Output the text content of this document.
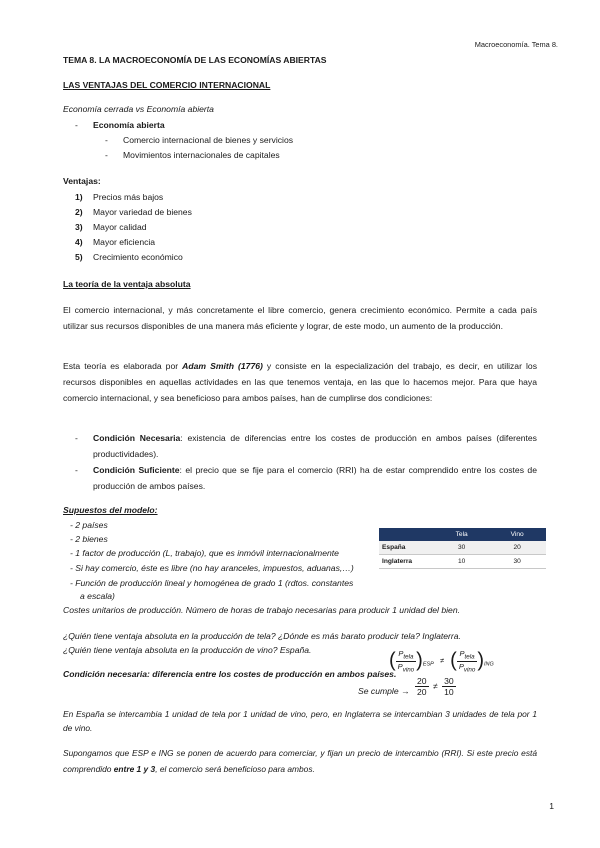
Macroeconomía. Tema 8.
TEMA 8. LA MACROECONOMÍA DE LAS ECONOMÍAS ABIERTAS
LAS VENTAJAS DEL COMERCIO INTERNACIONAL
Economía cerrada vs Economía abierta
- Economía abierta
- Comercio internacional de bienes y servicios
- Movimientos internacionales de capitales
Ventajas:
1)	Precios más bajos
2)	Mayor variedad de bienes
3)	Mayor calidad
4)	Mayor eficiencia
5)	Crecimiento económico
La teoría de la ventaja absoluta
El comercio internacional, y más concretamente el libre comercio, genera crecimiento económico. Permite a cada país utilizar sus recursos disponibles de una manera más eficiente y lograr, de este modo, un aumento de la producción.
Esta teoría es elaborada por Adam Smith (1776) y consiste en la especialización del trabajo, es decir, en utilizar los recursos disponibles en aquellas actividades en las que tenemos ventaja, en las que lo hacemos mejor. Para que haya comercio internacional, y sea beneficioso para ambos países, han de cumplirse dos condiciones:
- Condición Necesaria: existencia de diferencias entre los costes de producción en ambos países (diferentes productividades).
- Condición Suficiente: el precio que se fije para el comercio (RRI) ha de estar comprendido entre los costes de producción de ambos países.
Supuestos del modelo:
- 2 países
- 2 bienes
- 1 factor de producción (L, trabajo), que es inmóvil internacionalmente
- Si hay comercio, éste es libre (no hay aranceles, impuestos, aduanas,…)
- Función de producción lineal y homogénea de grado 1 (rdtos. constantes
a escala)
	Tela	Vino
España	30	20
Inglaterra	10	30
Costes unitarios de producción. Número de horas de trabajo necesarias para producir 1 unidad del bien.
¿Quién tiene ventaja absoluta en la producción de tela? ¿Dónde es más barato producir tela? Inglaterra.
¿Quién tiene ventaja absoluta en la producción de vino? España.
Condición necesaria: diferencia entre los costes de producción en ambos países.
( $\frac{P_{tela}}{P_{vino}} )_{ESP}$ ≠ ( $\frac{P_{tela}}{P_{vino}} )_{ING}$
Se cumple → $\frac{20}{20} \ne \frac{30}{10}$
En España se intercambia 1 unidad de tela por 1 unidad de vino, pero, en Inglaterra se intercambian 3 unidades de tela por 1 de vino.
Supongamos que ESP e ING se ponen de acuerdo para comerciar, y fijan un precio de intercambio (RRI). Si este precio está comprendido entre 1 y 3, el comercio será beneficioso para ambos.
1
